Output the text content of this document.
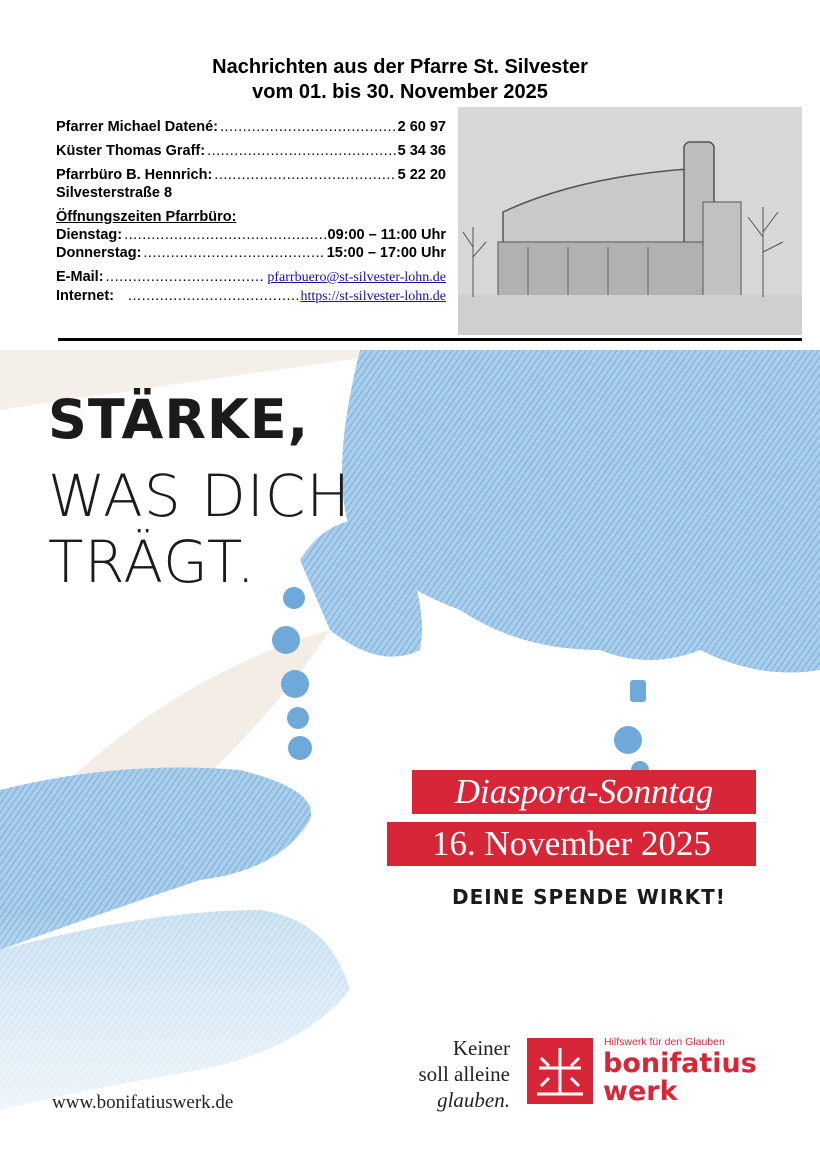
Nachrichten aus der Pfarre St. Silvester
vom 01. bis 30. November 2025
Pfarrer Michael Datené: .....	2 60 97
Küster Thomas Graff: .....	5 34 36
Pfarrbüro B. Hennrich: .....	5 22 20
Silvesterstraße 8
Öffnungszeiten Pfarrbüro:
Dienstag: .....	09:00 – 11:00 Uhr
Donnerstag: .....	15:00 – 17:00 Uhr
E-Mail: .....	pfarrbuero@st-silvester-lohn.de
Internet: .....	https://st-silvester-lohn.de
STÄRKE,
WAS DICH
TRÄGT.
Diaspora-Sonntag
16. November 2025
DEINE SPENDE WIRKT!
Keiner
soll alleine
glauben.
Hilfswerk für den Glauben
bonifatius
werk
www.bonifatiuswerk.de
